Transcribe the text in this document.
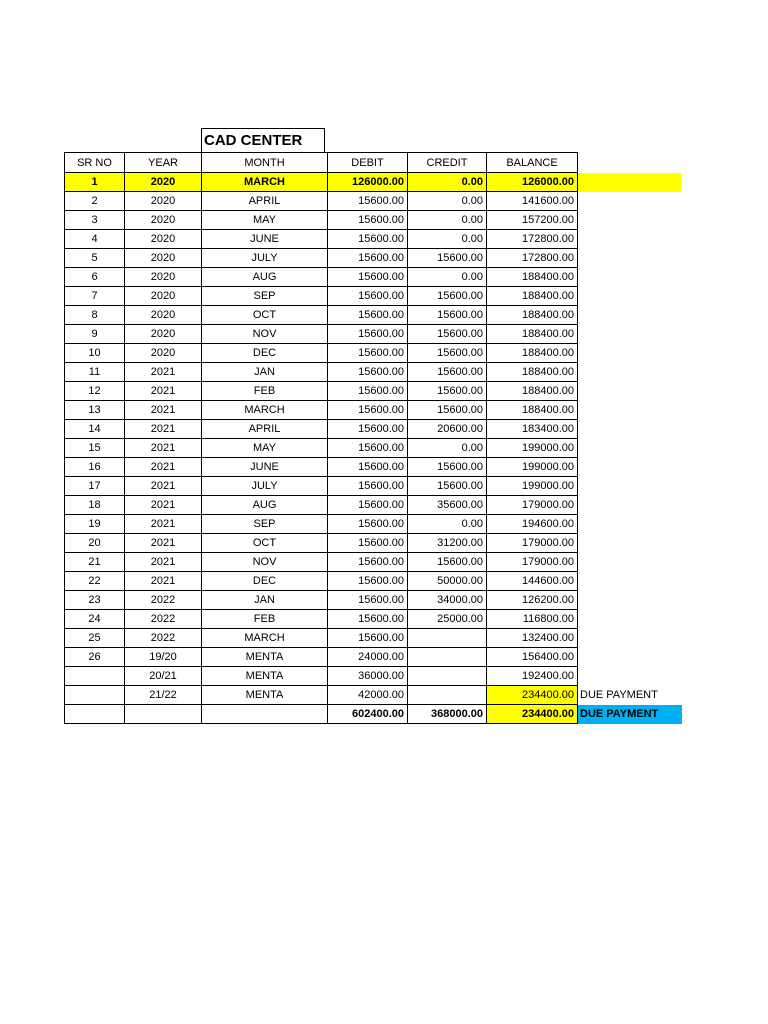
CAD CENTER
SR NO	YEAR	MONTH	DEBIT	CREDIT	BALANCE	
1	2020	MARCH	126000.00	0.00	126000.00	
2	2020	APRIL	15600.00	0.00	141600.00	
3	2020	MAY	15600.00	0.00	157200.00	
4	2020	JUNE	15600.00	0.00	172800.00	
5	2020	JULY	15600.00	15600.00	172800.00	
6	2020	AUG	15600.00	0.00	188400.00	
7	2020	SEP	15600.00	15600.00	188400.00	
8	2020	OCT	15600.00	15600.00	188400.00	
9	2020	NOV	15600.00	15600.00	188400.00	
10	2020	DEC	15600.00	15600.00	188400.00	
11	2021	JAN	15600.00	15600.00	188400.00	
12	2021	FEB	15600.00	15600.00	188400.00	
13	2021	MARCH	15600.00	15600.00	188400.00	
14	2021	APRIL	15600.00	20600.00	183400.00	
15	2021	MAY	15600.00	0.00	199000.00	
16	2021	JUNE	15600.00	15600.00	199000.00	
17	2021	JULY	15600.00	15600.00	199000.00	
18	2021	AUG	15600.00	35600.00	179000.00	
19	2021	SEP	15600.00	0.00	194600.00	
20	2021	OCT	15600.00	31200.00	179000.00	
21	2021	NOV	15600.00	15600.00	179000.00	
22	2021	DEC	15600.00	50000.00	144600.00	
23	2022	JAN	15600.00	34000.00	126200.00	
24	2022	FEB	15600.00	25000.00	116800.00	
25	2022	MARCH	15600.00		132400.00	
26	19/20	MENTA	24000.00		156400.00	
	20/21	MENTA	36000.00		192400.00	
	21/22	MENTA	42000.00		234400.00	DUE PAYMENT
			602400.00	368000.00	234400.00	DUE PAYMENT
